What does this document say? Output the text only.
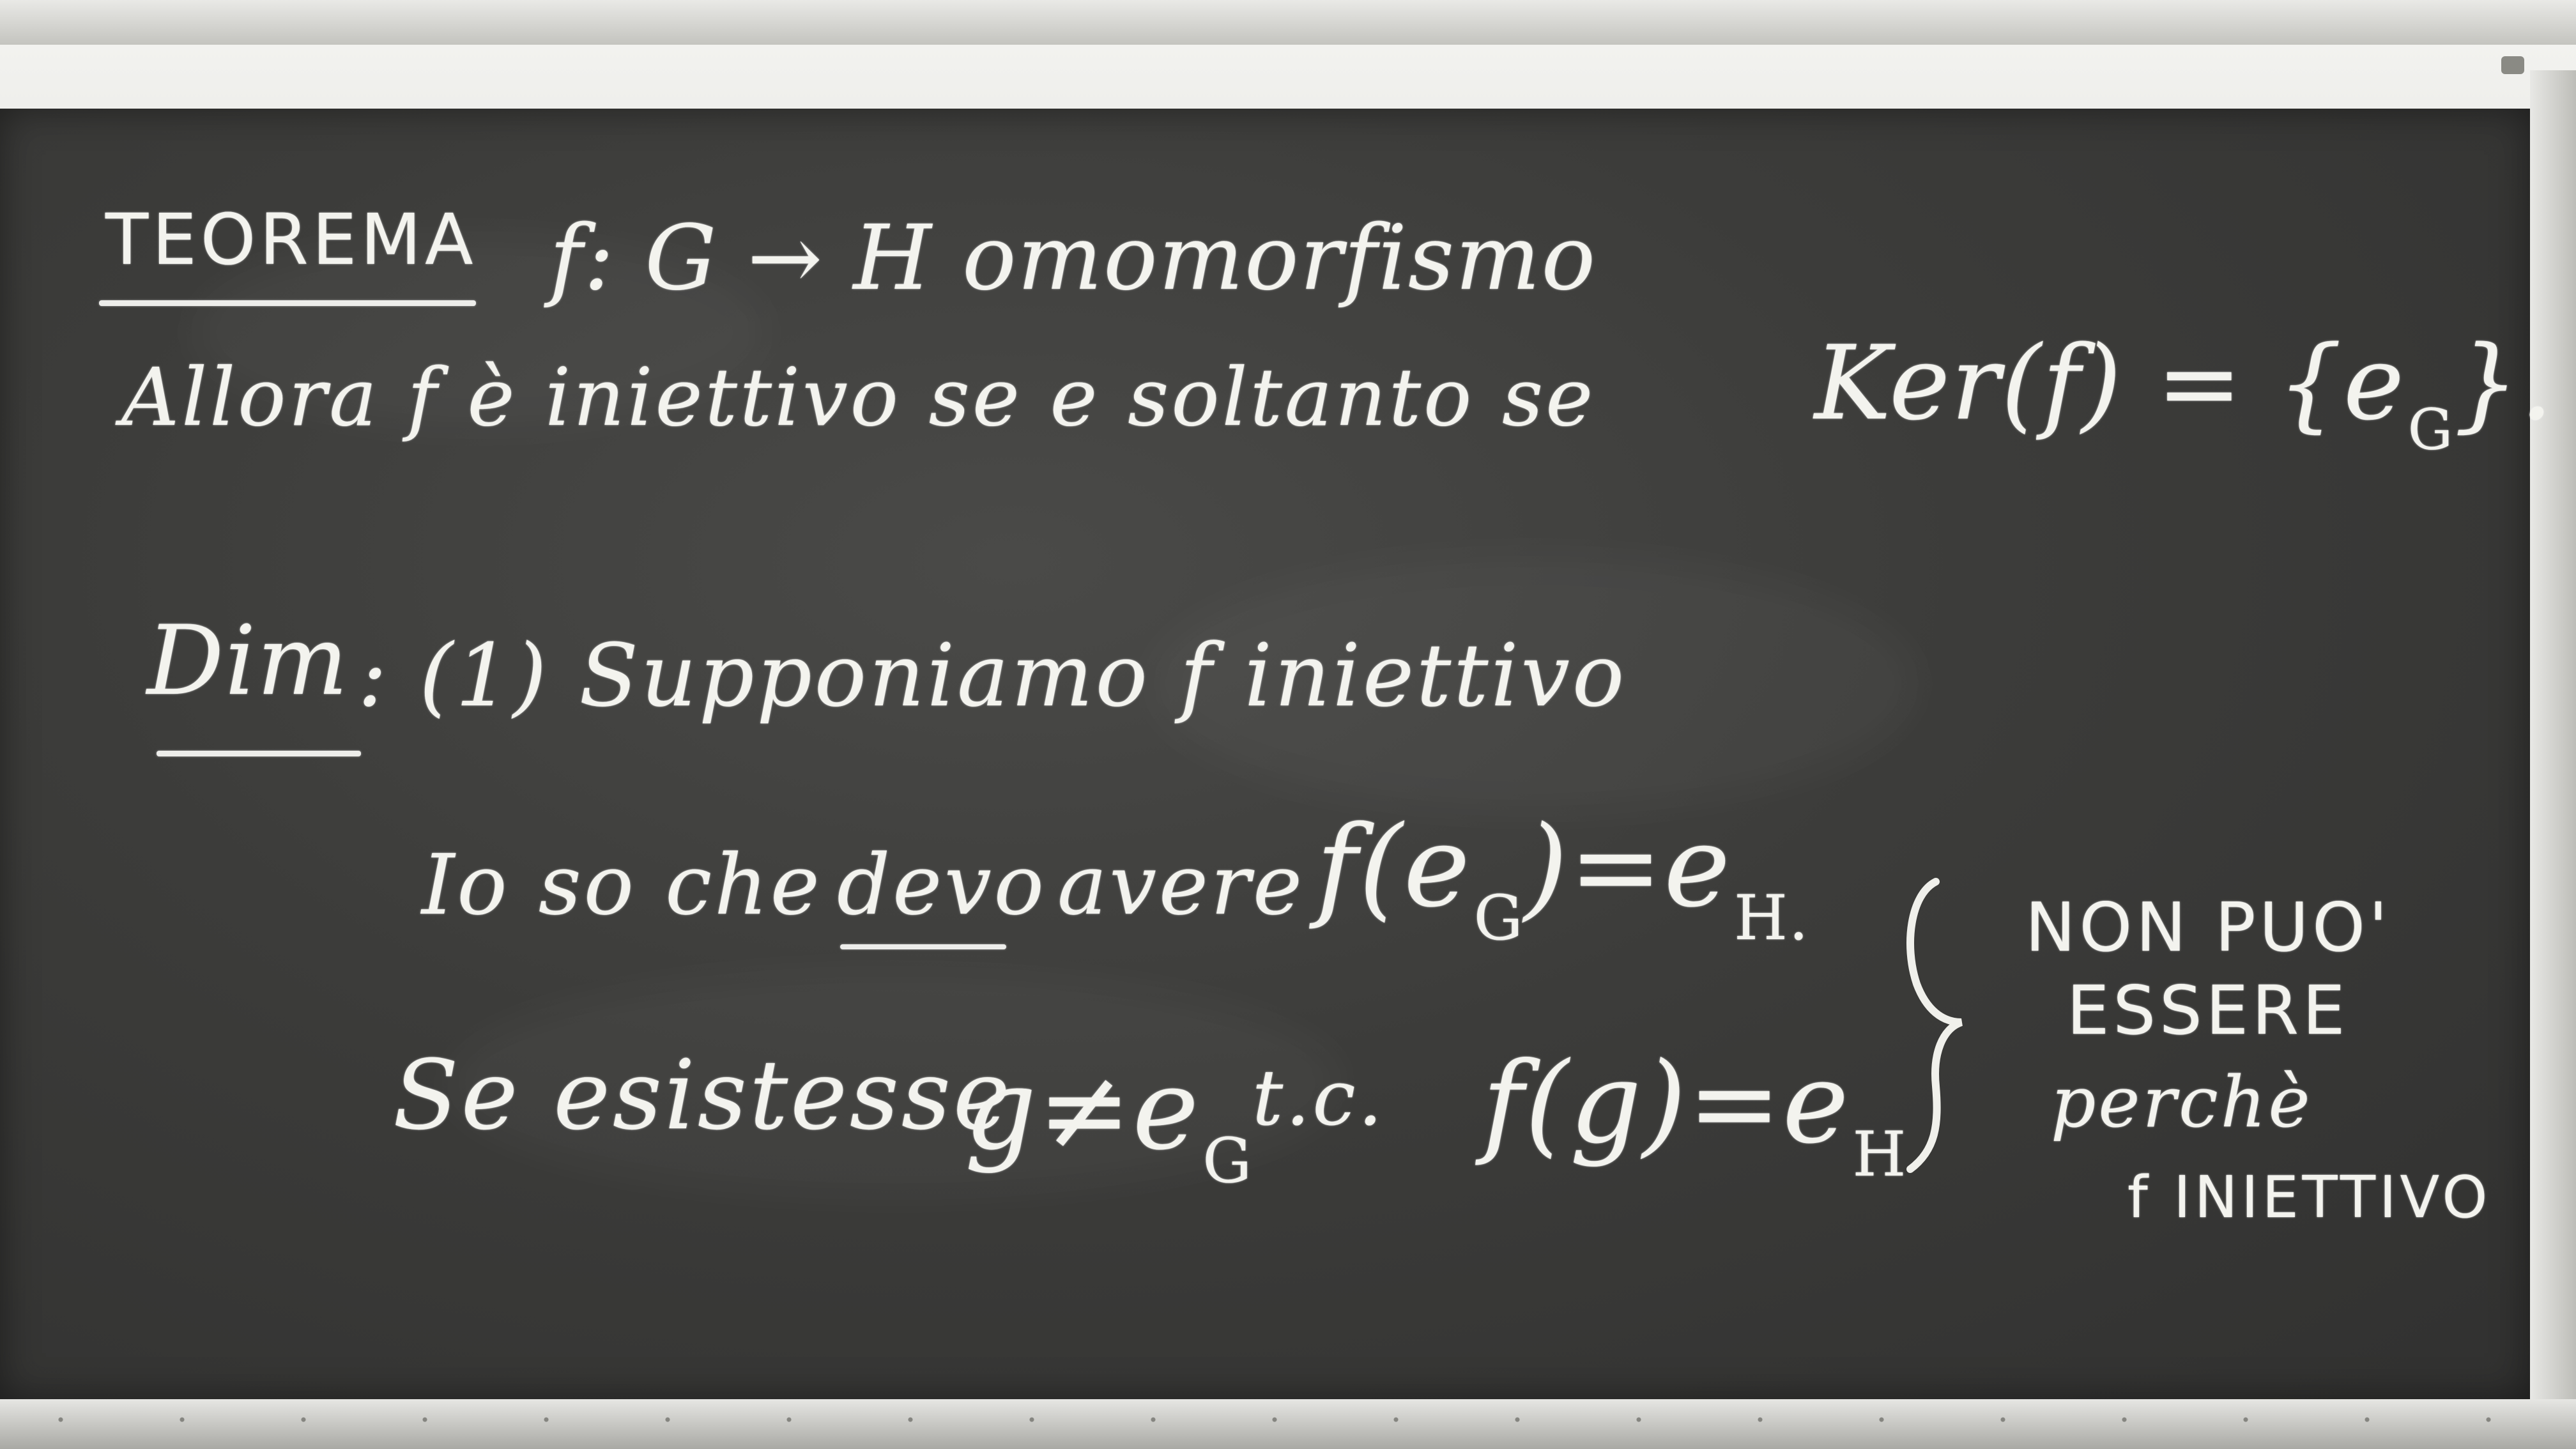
TEOREMA f: G → H omomorfismo
Allora f è iniettivo se e soltanto se $Ker(f) = \{e_G\}$.
Dim : (1) Supponiamo f iniettivo
Io so che devo avere $f(e_G)=e_{H.}$
Se esistesse
$g\ne e_G$
t.c. $f(g)=e_H$
NON PUO'
ESSERE
perchè
f INIETTIVO
